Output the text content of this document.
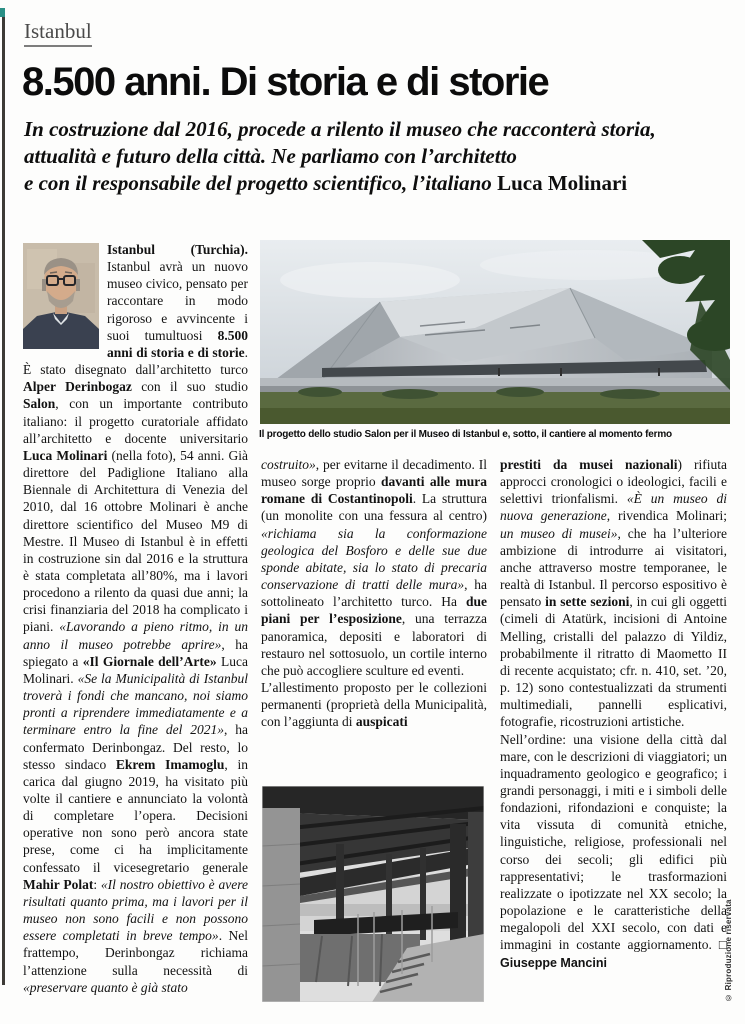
Istanbul
8.500 anni. Di storia e di storie
In costruzione dal 2016, procede a rilento il museo che racconterà storia,
attualità e futuro della città. Ne parliamo con l’architetto
e con il responsabile del progetto scientifico, l’italiano Luca Molinari
Il progetto dello studio Salon per il Museo di Istanbul e, sotto, il cantiere al momento fermo
Istanbul (Turchia). Istanbul avrà un nuovo museo civico, pensato per raccontare in modo rigoroso e avvincente i suoi tumultuosi 8.500 anni di storia e di storie. È stato disegnato dall’architetto turco Alper Derinbogaz con il suo studio Salon, con un importante contributo italiano: il progetto curatoriale affidato all’architetto e docente universitario Luca Molinari (nella foto), 54 anni. Già direttore del Padiglione Italiano alla Biennale di Architettura di Venezia del 2010, dal 16 ottobre Molinari è anche direttore scientifico del Museo M9 di Mestre. Il Museo di Istanbul è in effetti in costruzione sin dal 2016 e la struttura è stata completata all’80%, ma i lavori procedono a rilento da quasi due anni; la crisi finanziaria del 2018 ha complicato i piani. «Lavorando a pieno ritmo, in un anno il museo potrebbe aprire», ha spiegato a «Il Giornale dell’Arte» Luca Molinari. «Se la Municipalità di Istanbul troverà i fondi che mancano, noi siamo pronti a riprendere immediatamente e a terminare entro la fine del 2021», ha confermato Derinbongaz. Del resto, lo stesso sindaco Ekrem Imamoglu, in carica dal giugno 2019, ha visitato più volte il cantiere e annunciato la volontà di completare l’opera. Decisioni operative non sono però ancora state prese, come ci ha implicitamente confessato il vicesegretario generale Mahir Polat: «Il nostro obiettivo è avere risultati quanto prima, ma i lavori per il museo non sono facili e non possono essere completati in breve tempo». Nel frattempo, Derinbongaz richiama l’attenzione sulla necessità di «preservare quanto è già stato
costruito», per evitarne il decadimento. Il museo sorge proprio davanti alle mura romane di Costantinopoli. La struttura (un monolite con una fessura al centro) «richiama sia la conformazione geologica del Bosforo e delle sue due sponde abitate, sia lo stato di precaria conservazione di tratti delle mura», ha sottolineato l’architetto turco. Ha due piani per l’esposizione, una terrazza panoramica, depositi e laboratori di restauro nel sottosuolo, un cortile interno che può accogliere sculture ed eventi.
L’allestimento proposto per le collezioni permanenti (proprietà della Municipalità, con l’aggiunta di auspicati
prestiti da musei nazionali) rifiuta approcci cronologici o ideologici, facili e selettivi trionfalismi. «È un museo di nuova generazione, rivendica Molinari; un museo di musei», che ha l’ulteriore ambizione di introdurre ai visitatori, anche attraverso mostre temporanee, le realtà di Istanbul. Il percorso espositivo è pensato in sette sezioni, in cui gli oggetti (cimeli di Atatürk, incisioni di Antoine Melling, cristalli del palazzo di Yildiz, probabilmente il ritratto di Maometto II di recente acquistato; cfr. n. 410, set. ’20, p. 12) sono contestualizzati da strumenti multimediali, pannelli esplicativi, fotografie, ricostruzioni artistiche.
Nell’ordine: una visione della città dal mare, con le descrizioni di viaggiatori; un inquadramento geologico e geografico; i grandi personaggi, i miti e i simboli delle fondazioni, rifondazioni e conquiste; la vita vissuta di comunità etniche, linguistiche, religiose, professionali nel corso dei secoli; gli edifici più rappresentativi; le trasformazioni realizzate o ipotizzate nel XX secolo; la popolazione e le caratteristiche della megalopoli del XXI secolo, con dati e immagini in costante aggiornamento. □ Giuseppe Mancini	© Riproduzione riservata
